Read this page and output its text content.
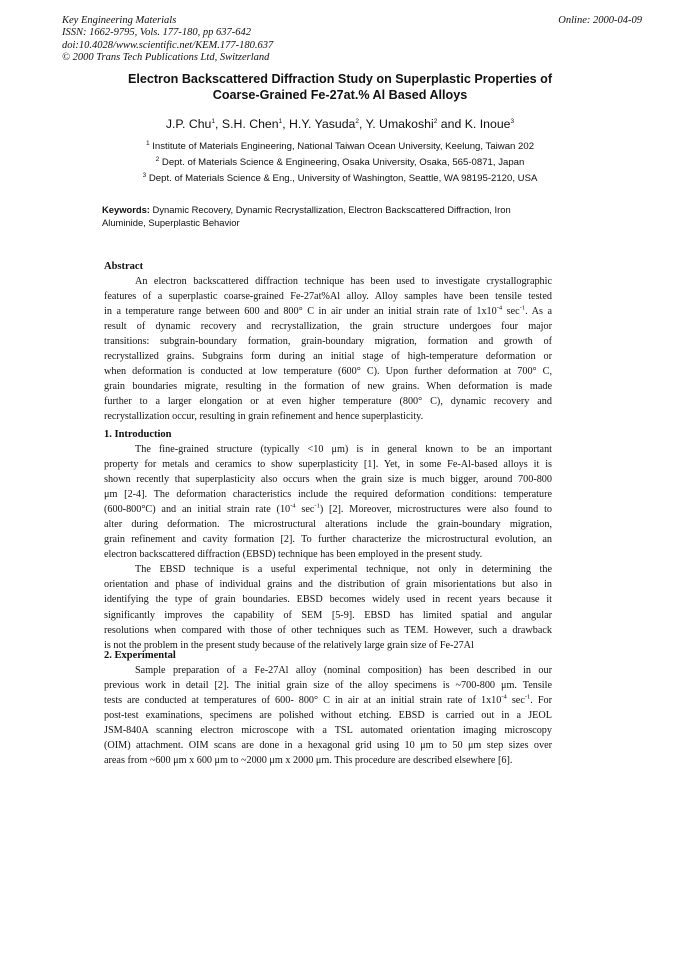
Key Engineering Materials
ISSN: 1662-9795, Vols. 177-180, pp 637-642
doi:10.4028/www.scientific.net/KEM.177-180.637
© 2000 Trans Tech Publications Ltd, Switzerland
Online: 2000-04-09
Electron Backscattered Diffraction Study on Superplastic Properties of
Coarse-Grained Fe-27at.% Al Based Alloys
J.P. Chu$^1$, S.H. Chen$^1$, H.Y. Yasuda$^2$, Y. Umakoshi$^2$ and K. Inoue$^3$
$^1$ Institute of Materials Engineering, National Taiwan Ocean University, Keelung, Taiwan 202
$^2$ Dept. of Materials Science & Engineering, Osaka University, Osaka, 565-0871, Japan
$^3$ Dept. of Materials Science & Eng., University of Washington, Seattle, WA 98195-2120, USA
Keywords: Dynamic Recovery, Dynamic Recrystallization, Electron Backscattered Diffraction, Iron
Aluminide, Superplastic Behavior
Abstract
An electron backscattered diffraction technique has been used to investigate crystallographic
features of a superplastic coarse-grained Fe-27at%Al alloy. Alloy samples have been tensile tested
in a temperature range between 600 and 800° C in air under an initial strain rate of $1x10^{-4}$ $\sec^{-1}$. As a
result of dynamic recovery and recrystallization, the grain structure undergoes four major
transitions: subgrain-boundary formation, grain-boundary migration, formation and growth of
recrystallized grains. Subgrains form during an initial stage of high-temperature deformation or
when deformation is conducted at low temperature (600° C). Upon further deformation at 700° C,
grain boundaries migrate, resulting in the formation of new grains. When deformation is made
further to a larger elongation or at even higher temperature (800° C), dynamic recovery and
recrystallization occur, resulting in grain refinement and hence superplasticity.
1. Introduction
The fine-grained structure (typically <10 μm) is in general known to be an important
property for metals and ceramics to show superplasticity [1]. Yet, in some Fe-Al-based alloys it is
shown recently that superplasticity also occurs when the grain size is much bigger, around 700-800
μm [2-4]. The deformation characteristics include the required deformation conditions: temperature
(600-800°C) and an initial strain rate ($10^{-4}$ $\sec^{-1}$) [2]. Moreover, microstructures were also found to
alter during deformation. The microstructural alterations include the grain-boundary migration,
grain refinement and cavity formation [2]. To further characterize the microstructural evolution, an
electron backscattered diffraction (EBSD) technique has been employed in the present study.
The EBSD technique is a useful experimental technique, not only in determining the
orientation and phase of individual grains and the distribution of grain misorientations but also in
identifying the type of grain boundaries. EBSD becomes widely used in recent years because it
significantly improves the capability of SEM [5-9]. EBSD has limited spatial and angular
resolutions when compared with those of other techniques such as TEM. However, such a drawback
is not the problem in the present study because of the relatively large grain size of Fe-27Al
2. Experimental
Sample preparation of a Fe-27Al alloy (nominal composition) has been described in our
previous work in detail [2]. The initial grain size of the alloy specimens is ~700-800 μm. Tensile
tests are conducted at temperatures of 600- 800° C in air at an initial strain rate of $1x10^{-4}$ $\sec^{-1}$. For
post-test examinations, specimens are polished without etching. EBSD is carried out in a JEOL
JSM-840A scanning electron microscope with a TSL automated orientation imaging microscopy
(OIM) attachment. OIM scans are done in a hexagonal grid using 10 μm to 50 μm step sizes over
areas from ~600 μm x 600 μm to ~2000 μm x 2000 μm. This procedure are described elsewhere [6].
